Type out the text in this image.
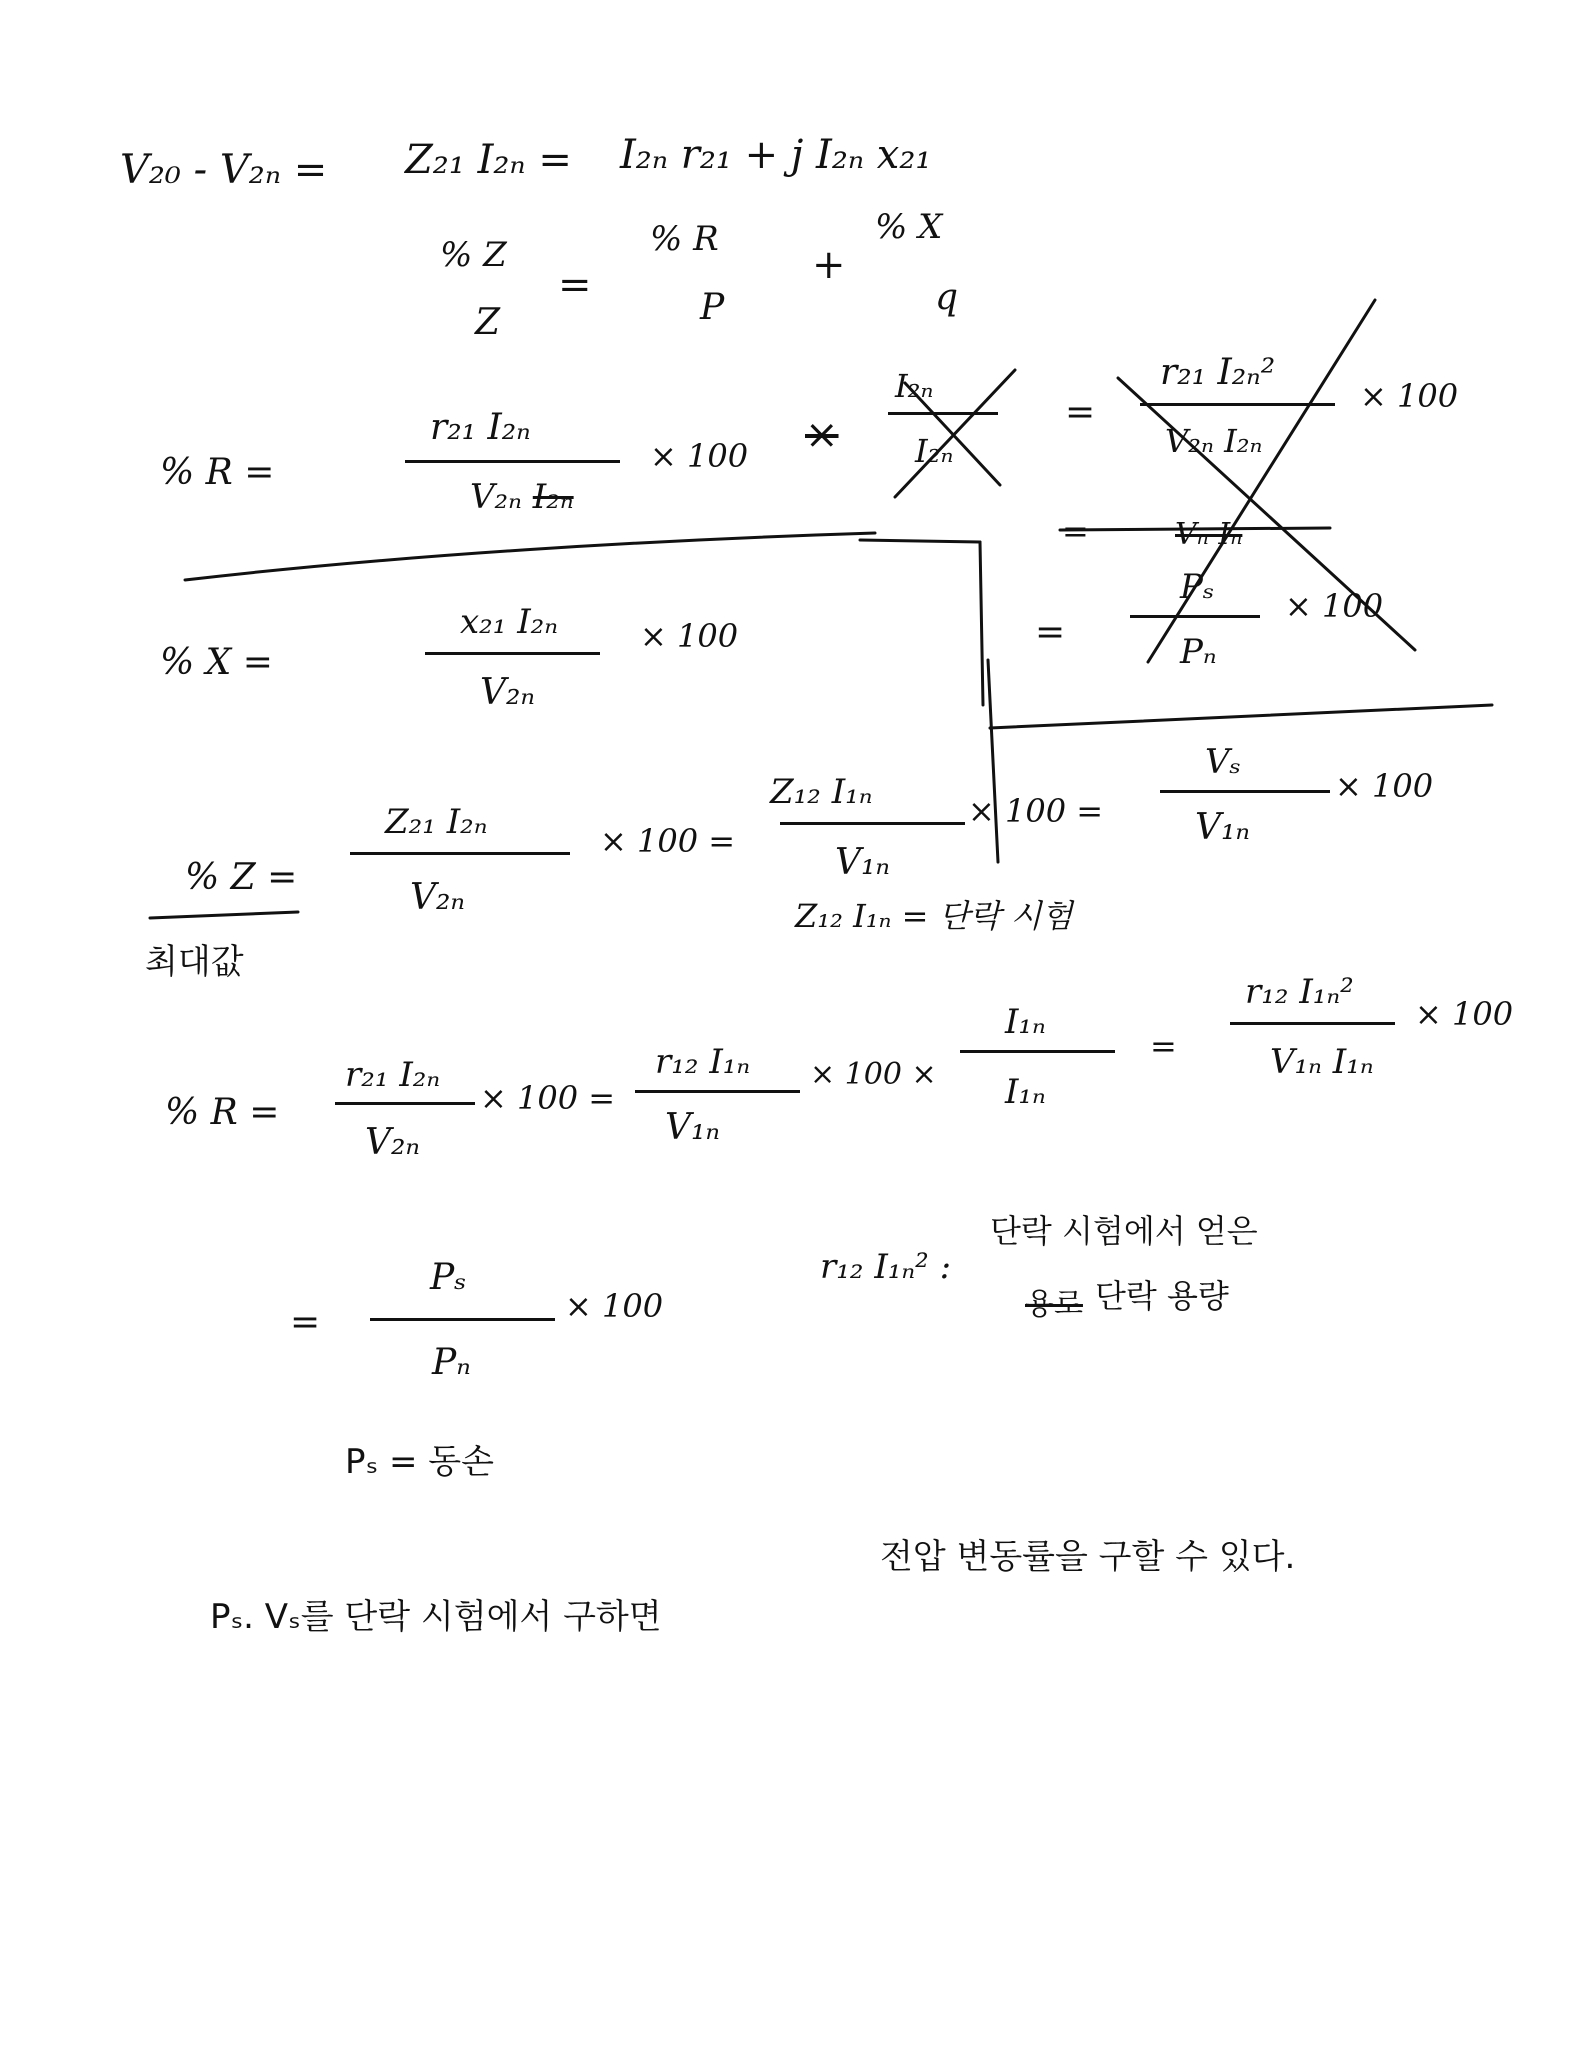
V₂₀ - V₂ₙ = Z₂₁ I₂ₙ = I₂ₙ r₂₁ + j I₂ₙ x₂₁
% Z
Z
=
% R
P
+
% X
q
% R =
r₂₁ I₂ₙ
V₂ₙ I₂ₙ
× 100 ×
I₂ₙ
I₂ₙ
=
r₂₁ I₂ₙ²
V₂ₙ I₂ₙ
× 100
=	Vₙ Iₙ
Pₛ
Pₙ
× 100
% X =
x₂₁ I₂ₙ
V₂ₙ
× 100	=
% Z =
최대값
Z₂₁ I₂ₙ
V₂ₙ
× 100 =
Z₁₂ I₁ₙ
V₁ₙ
× 100 =
Vₛ
V₁ₙ
× 100
Z₁₂ I₁ₙ = 단락 시험
% R =
r₂₁ I₂ₙ
V₂ₙ
× 100 =
r₁₂ I₁ₙ
V₁ₙ
× 100 ×
I₁ₙ
I₁ₙ
=
r₁₂ I₁ₙ²
V₁ₙ I₁ₙ
× 100
=
Pₛ
Pₙ
× 100
r₁₂ I₁ₙ² :
단락 시험에서 얻은
용로 단락 용량
Pₛ = 동손
Pₛ. Vₛ를 단락 시험에서 구하면
전압 변동률을 구할 수 있다.
